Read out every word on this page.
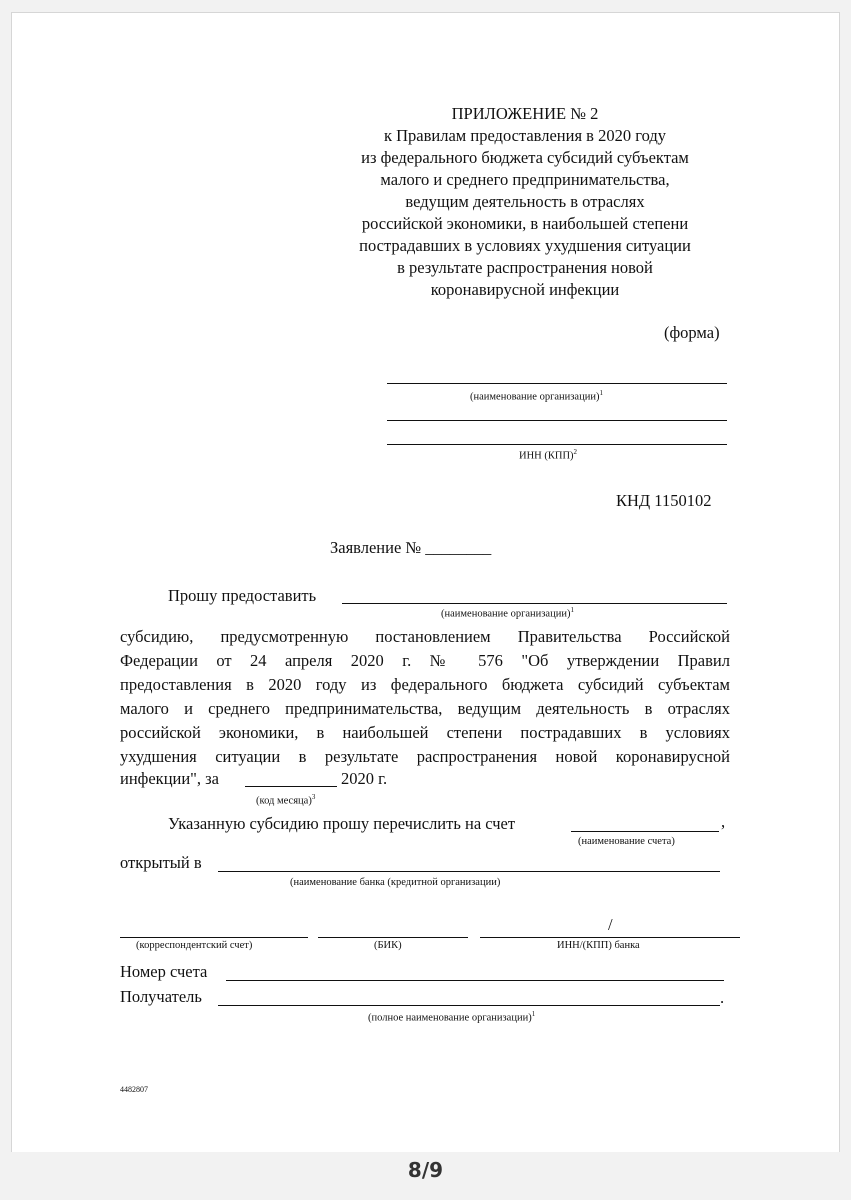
ПРИЛОЖЕНИЕ № 2
к Правилам предоставления в 2020 году
из федерального бюджета субсидий субъектам
малого и среднего предпринимательства,
ведущим деятельность в отраслях
российской экономики, в наибольшей степени
пострадавших в условиях ухудшения ситуации
в результате распространения новой
коронавирусной инфекции
(форма)
(наименование организации)$^1$
ИНН (КПП)$^2$
КНД 1150102
Заявление № ________
Прошу предоставить
(наименование организации)$^1$
субсидию, предусмотренную постановлением Правительства Российской
Федерации от 24 апреля 2020 г. № 576 "Об утверждении Правил
предоставления в 2020 году из федерального бюджета субсидий субъектам
малого и среднего предпринимательства, ведущим деятельность в отраслях
российской экономики, в наибольшей степени пострадавших в условиях
ухудшения ситуации в результате распространения новой коронавирусной
инфекции", за	2020 г.
(код месяца)$^3$
Указанную субсидию прошу перечислить на счет	,
(наименование счета)
открытый в
(наименование банка (кредитной организации)
/
(корреспондентский счет)	(БИК)	ИНН/(КПП) банка
Номер счета
Получатель	.
(полное наименование организации)$^1$
4482807
8/9
